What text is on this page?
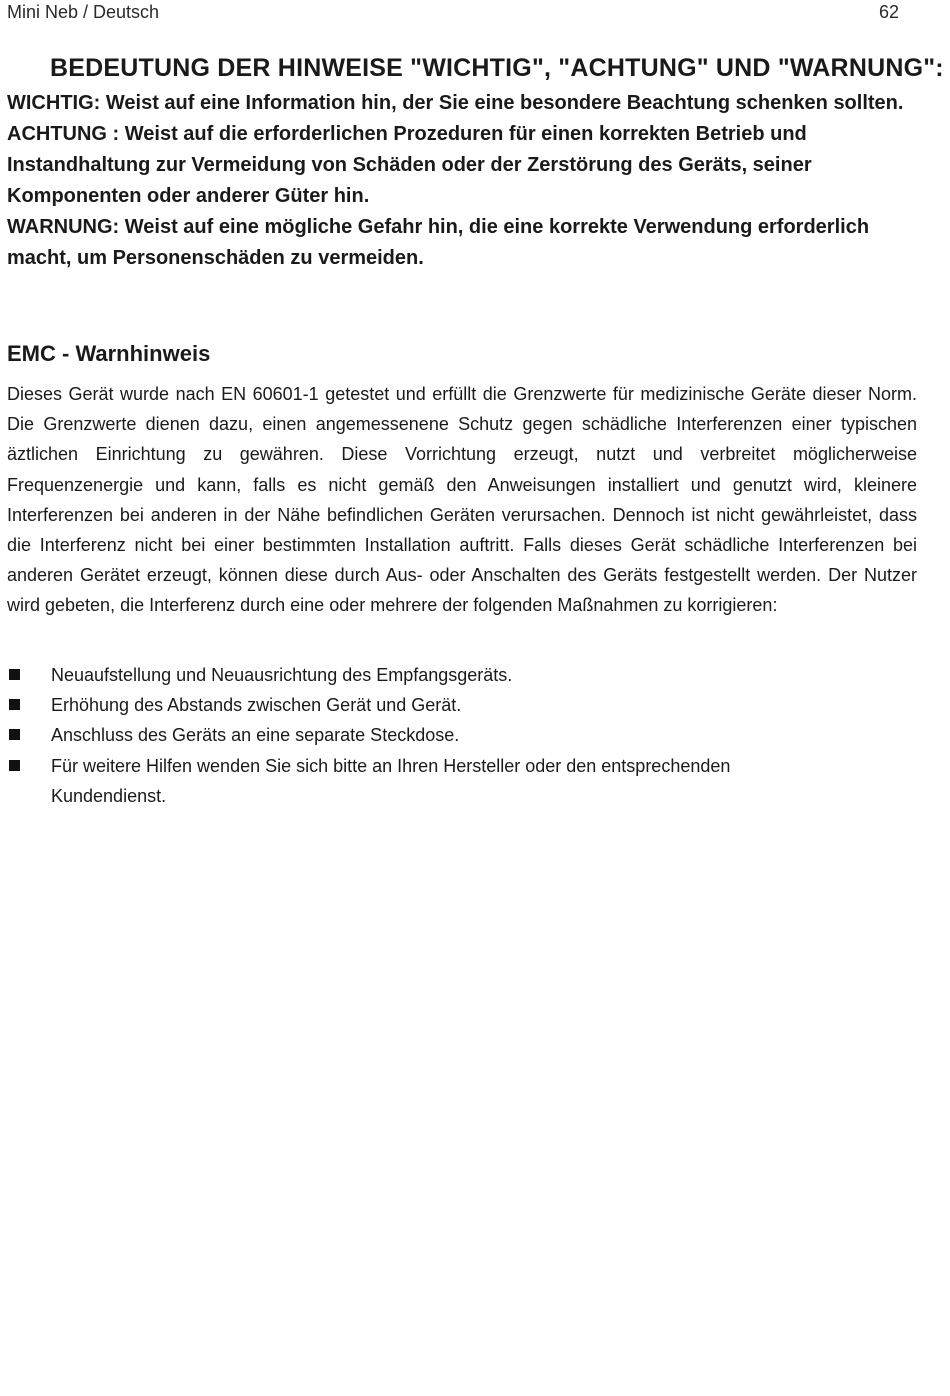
Mini Neb / Deutsch	62
BEDEUTUNG DER HINWEISE "WICHTIG", "ACHTUNG" UND "WARNUNG":

WICHTIG: Weist auf eine Information hin, der Sie eine besondere Beachtung schenken sollten.

ACHTUNG : Weist auf die erforderlichen Prozeduren für einen korrekten Betrieb und Instandhaltung zur Vermeidung von Schäden oder der Zerstörung des Geräts, seiner Komponenten oder anderer Güter hin.

WARNUNG: Weist auf eine mögliche Gefahr hin, die eine korrekte Verwendung erforderlich macht, um Personenschäden zu vermeiden.

EMC - Warnhinweis

Dieses Gerät wurde nach EN 60601-1 getestet und erfüllt die Grenzwerte für medizinische Geräte dieser Norm. Die Grenzwerte dienen dazu, einen angemessenene Schutz gegen schädliche Interferenzen einer typischen äztlichen Einrichtung zu gewähren. Diese Vorrichtung erzeugt, nutzt und verbreitet möglicherweise Frequenzenergie und kann, falls es nicht gemäß den Anweisungen installiert und genutzt wird, kleinere Interferenzen bei anderen in der Nähe befindlichen Geräten verursachen. Dennoch ist nicht gewährleistet, dass die Interferenz nicht bei einer bestimmten Installation auftritt. Falls dieses Gerät schädliche Interferenzen bei anderen Gerätet erzeugt, können diese durch Aus- oder Anschalten des Geräts festgestellt werden. Der Nutzer wird gebeten, die Interferenz durch eine oder mehrere der folgenden Maßnahmen zu korrigieren:

Neuaufstellung und Neuausrichtung des Empfangsgeräts.
Erhöhung des Abstands zwischen Gerät und Gerät.
Anschluss des Geräts an eine separate Steckdose.
Für weitere Hilfen wenden Sie sich bitte an Ihren Hersteller oder den entsprechenden Kundendienst.
